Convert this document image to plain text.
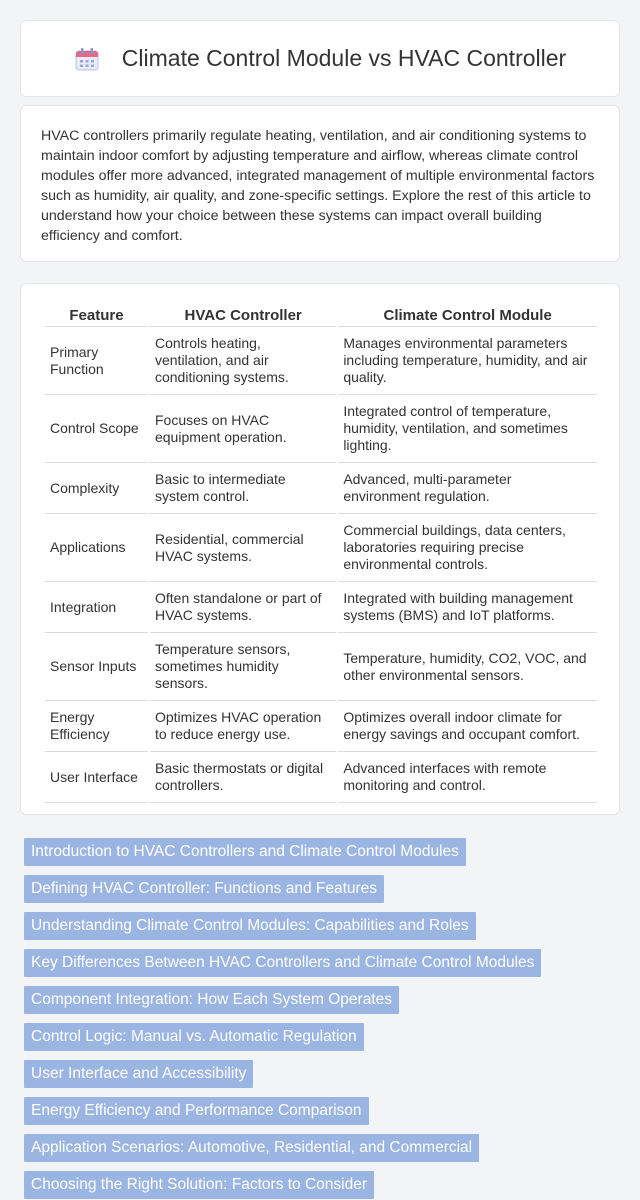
Climate Control Module vs HVAC Controller

HVAC controllers primarily regulate heating, ventilation, and air conditioning systems to maintain indoor comfort by adjusting temperature and airflow, whereas climate control modules offer more advanced, integrated management of multiple environmental factors such as humidity, air quality, and zone-specific settings. Explore the rest of this article to understand how your choice between these systems can impact overall building efficiency and comfort.

Feature	HVAC Controller	Climate Control Module
Primary Function	Controls heating, ventilation, and air conditioning systems.	Manages environmental parameters including temperature, humidity, and air quality.
Control Scope	Focuses on HVAC equipment operation.	Integrated control of temperature, humidity, ventilation, and sometimes lighting.
Complexity	Basic to intermediate system control.	Advanced, multi-parameter environment regulation.
Applications	Residential, commercial HVAC systems.	Commercial buildings, data centers, laboratories requiring precise environmental controls.
Integration	Often standalone or part of HVAC systems.	Integrated with building management systems (BMS) and IoT platforms.
Sensor Inputs	Temperature sensors, sometimes humidity sensors.	Temperature, humidity, CO2, VOC, and other environmental sensors.
Energy Efficiency	Optimizes HVAC operation to reduce energy use.	Optimizes overall indoor climate for energy savings and occupant comfort.
User Interface	Basic thermostats or digital controllers.	Advanced interfaces with remote monitoring and control.
Introduction to HVAC Controllers and Climate Control Modules
Defining HVAC Controller: Functions and Features
Understanding Climate Control Modules: Capabilities and Roles
Key Differences Between HVAC Controllers and Climate Control Modules
Component Integration: How Each System Operates
Control Logic: Manual vs. Automatic Regulation
User Interface and Accessibility
Energy Efficiency and Performance Comparison
Application Scenarios: Automotive, Residential, and Commercial
Choosing the Right Solution: Factors to Consider
